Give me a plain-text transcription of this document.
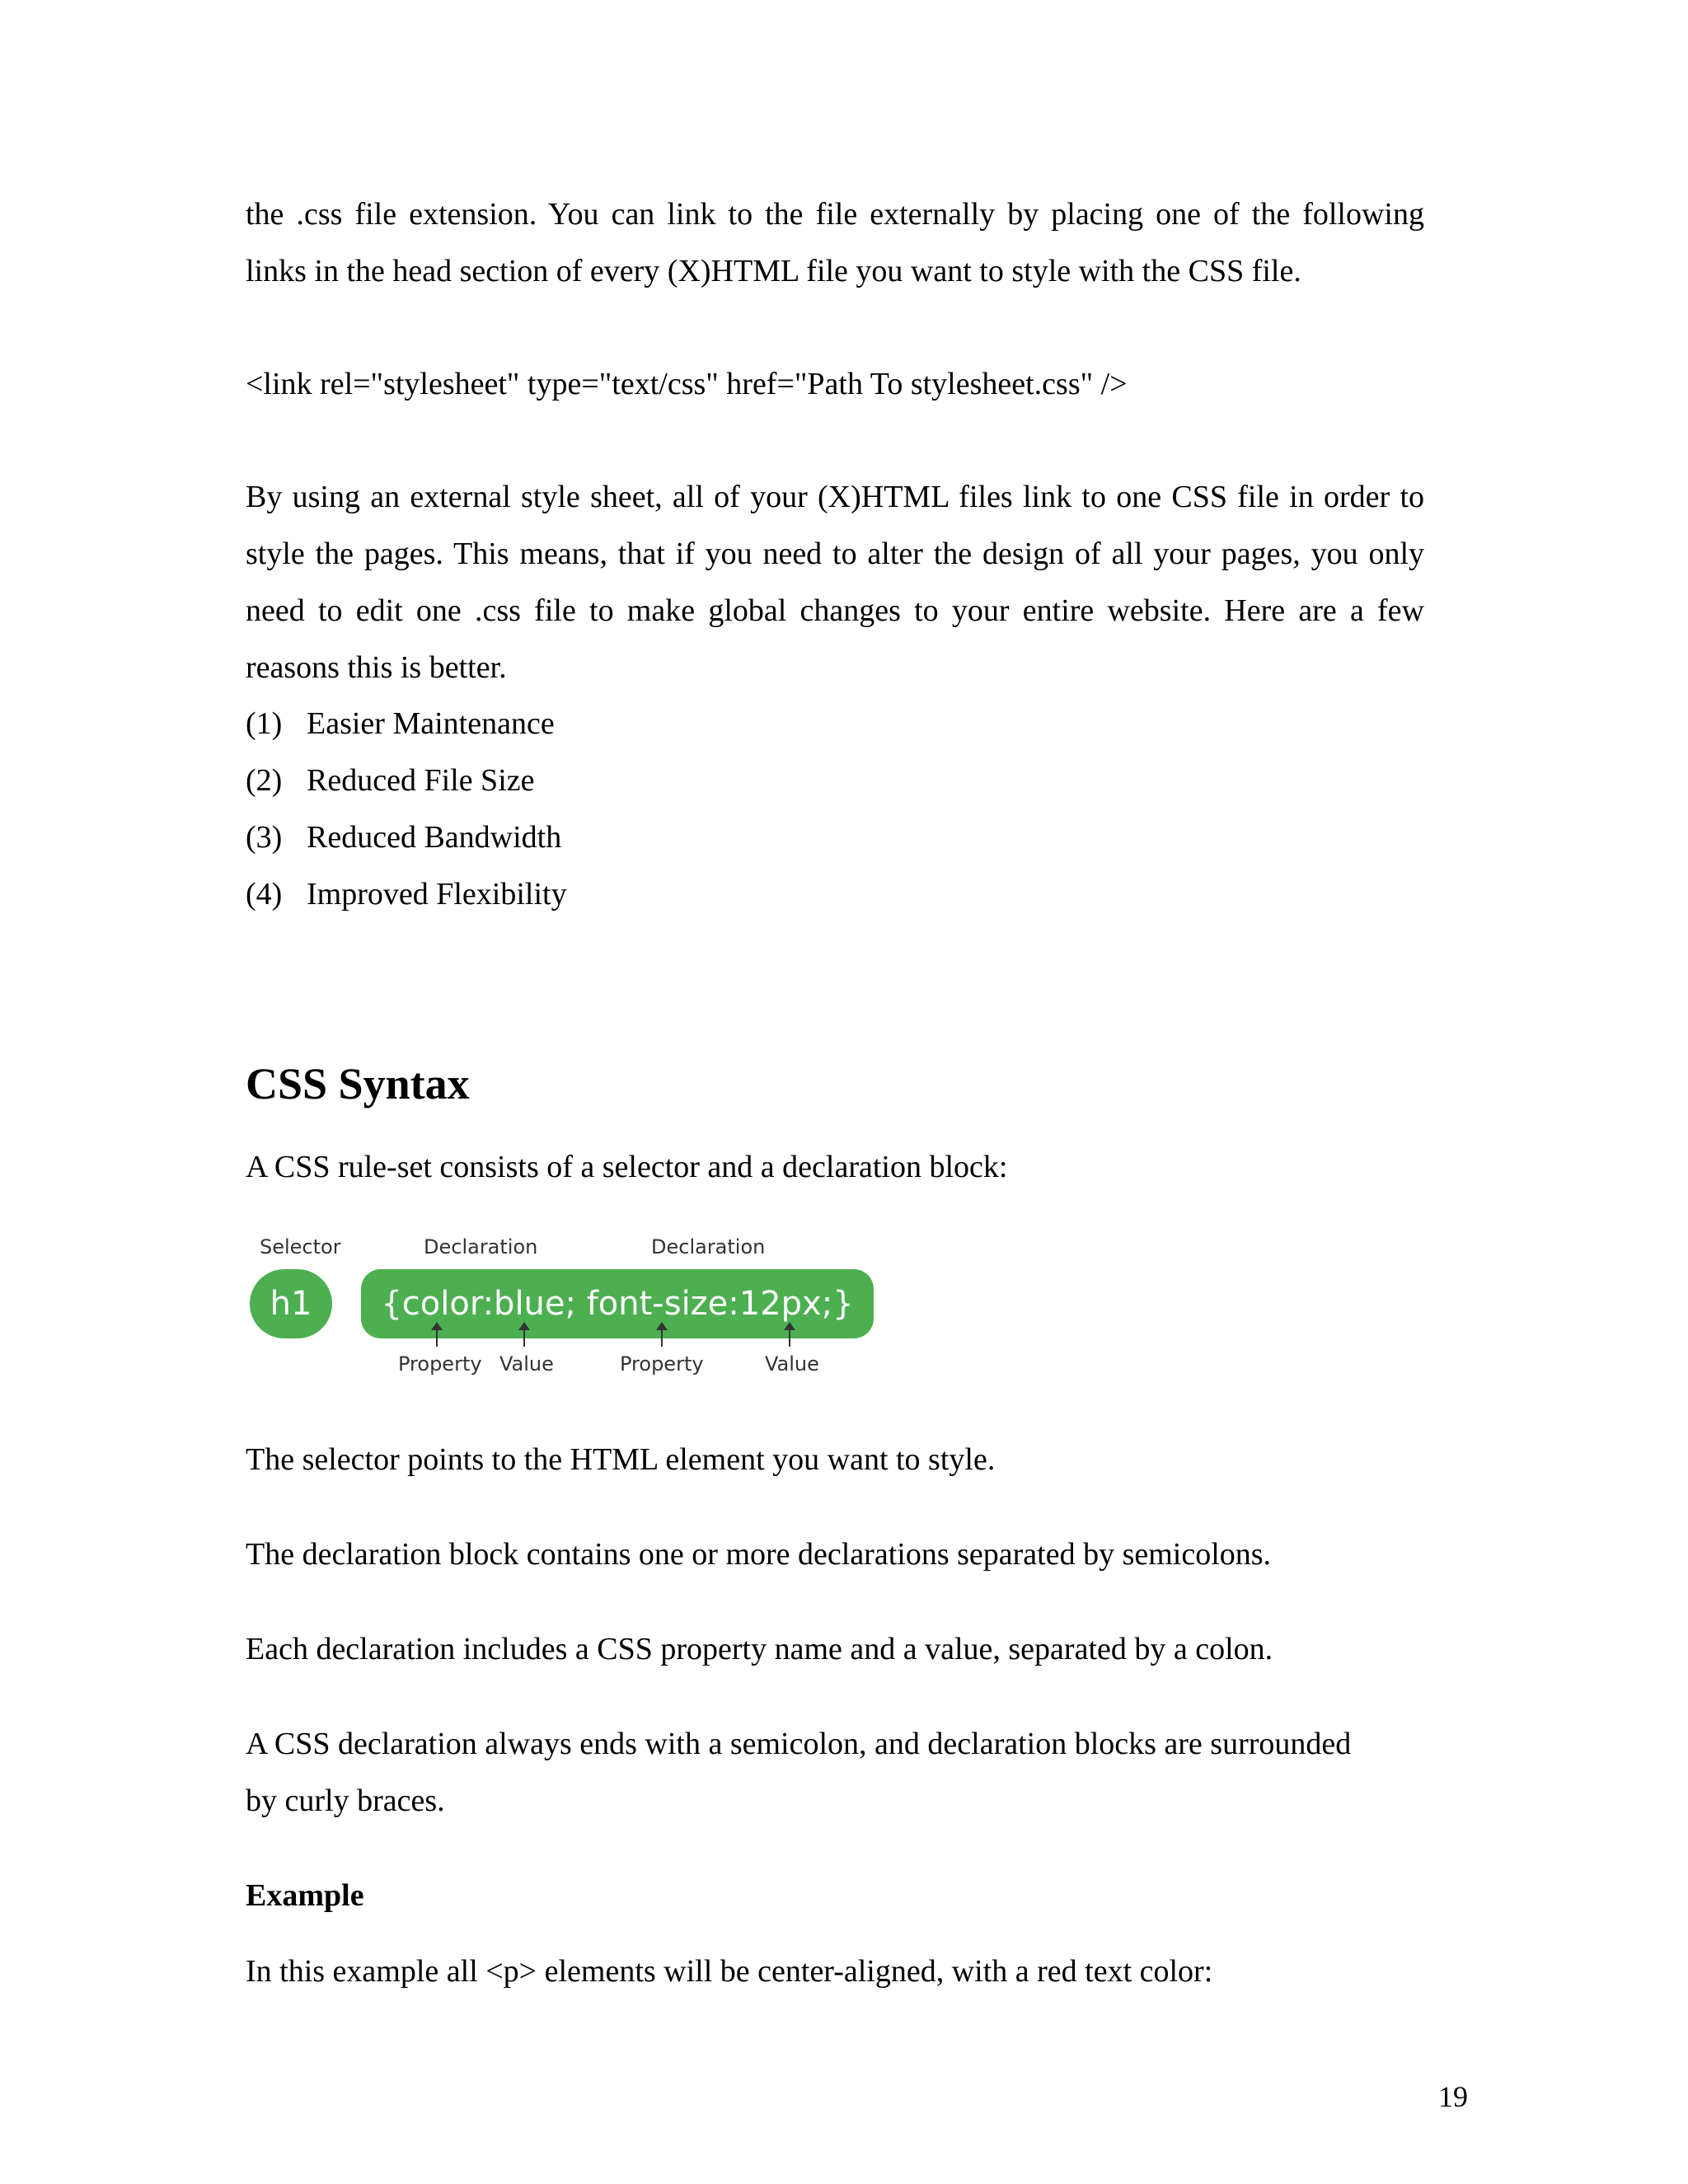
the .css file extension. You can link to the file externally by placing one of the following
links in the head section of every (X)HTML file you want to style with the CSS file.
<link rel="stylesheet" type="text/css" href="Path To stylesheet.css" />
By using an external style sheet, all of your (X)HTML files link to one CSS file in order to
style the pages. This means, that if you need to alter the design of all your pages, you only
need to edit one .css file to make global changes to your entire website. Here are a few
reasons this is better.
(1) Easier Maintenance
(2) Reduced File Size
(3) Reduced Bandwidth
(4) Improved Flexibility
CSS Syntax
A CSS rule-set consists of a selector and a declaration block:
Selector	Declaration	Declaration
h1	{color:blue; font-size:12px;}
Property Value	Property	Value
The selector points to the HTML element you want to style.
The declaration block contains one or more declarations separated by semicolons.
Each declaration includes a CSS property name and a value, separated by a colon.
A CSS declaration always ends with a semicolon, and declaration blocks are surrounded
by curly braces.
Example
In this example all <p> elements will be center-aligned, with a red text color:
19
